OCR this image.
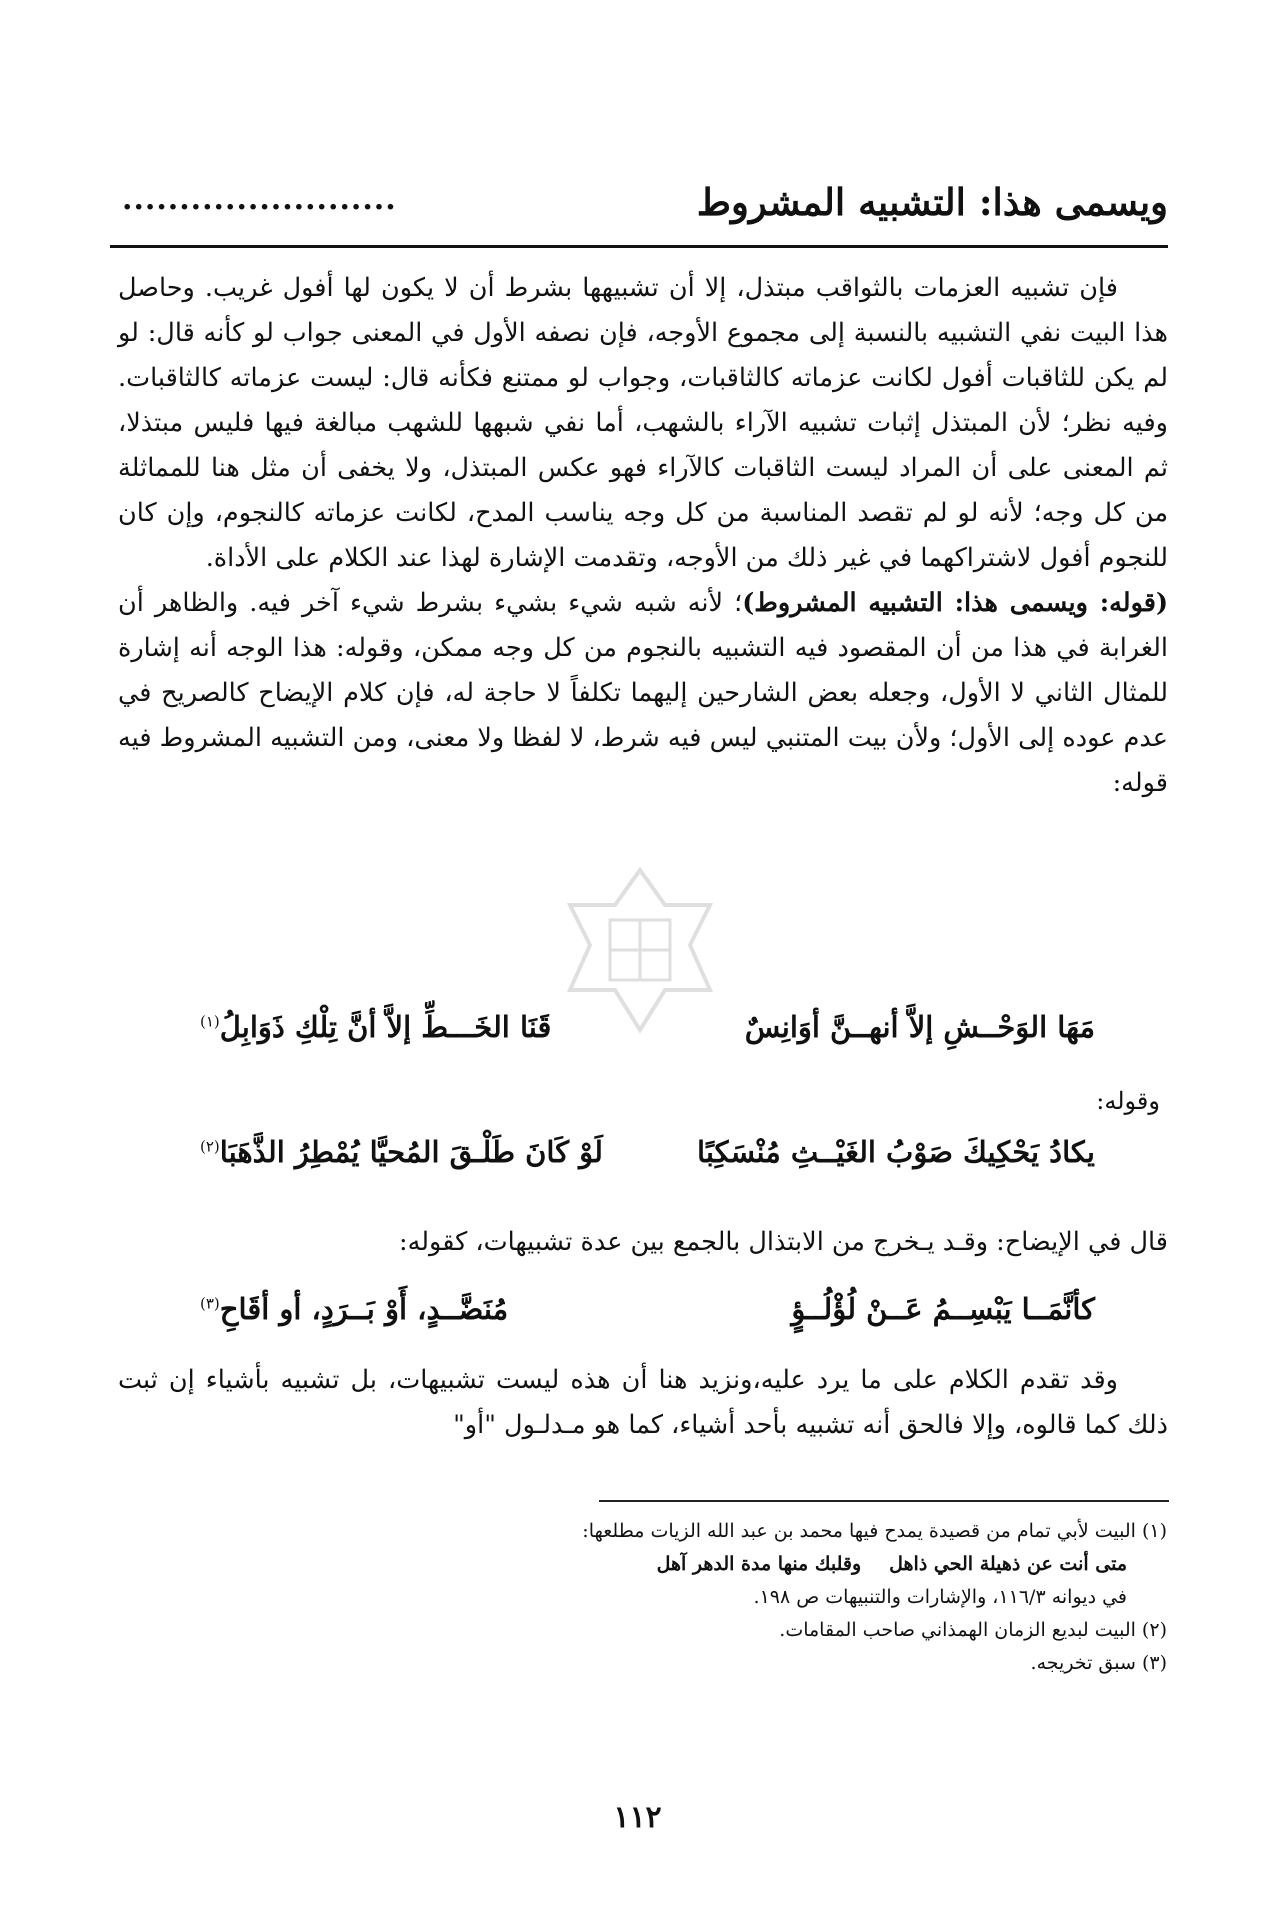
ويسمى هذا: التشبيه المشروط
........................

فإن تشبيه العزمات بالثواقب مبتذل، إلا أن تشبيهها بشرط أن لا يكون لها أفول غريب. وحاصل هذا البيت نفي التشبيه بالنسبة إلى مجموع الأوجه، فإن نصفه الأول في المعنى جواب لو كأنه قال: لو لم يكن للثاقبات أفول لكانت عزماته كالثاقبات، وجواب لو ممتنع فكأنه قال: ليست عزماته كالثاقبات. وفيه نظر؛ لأن المبتذل إثبات تشبيه الآراء بالشهب، أما نفي شبهها للشهب مبالغة فيها فليس مبتذلا، ثم المعنى على أن المراد ليست الثاقبات كالآراء فهو عكس المبتذل، ولا يخفى أن مثل هنا للمماثلة من كل وجه؛ لأنه لو لم تقصد المناسبة من كل وجه يناسب المدح، لكانت عزماته كالنجوم، وإن كان للنجوم أفول لاشتراكهما في غير ذلك من الأوجه، وتقدمت الإشارة لهذا عند الكلام على الأداة.

(قوله: ويسمى هذا: التشبيه المشروط)؛ لأنه شبه شيء بشيء بشرط شيء آخر فيه. والظاهر أن الغرابة في هذا من أن المقصود فيه التشبيه بالنجوم من كل وجه ممكن، وقوله: هذا الوجه أنه إشارة للمثال الثاني لا الأول، وجعله بعض الشارحين إليهما تكلفاً لا حاجة له، فإن كلام الإيضاح كالصريح في عدم عوده إلى الأول؛ ولأن بيت المتنبي ليس فيه شرط، لا لفظا ولا معنى، ومن التشبيه المشروط فيه قوله:

مَهَا الوَحْــشِ إلاَّ أنهــنَّ أوَانِسٌ
قَنَا الخَـــطِّ إلاَّ أنَّ تِلْكِ ذَوَابِلُ$^{(١)}$
وقوله:
يكادُ يَحْكِيكَ صَوْبُ الغَيْــثِ مُنْسَكِبًا
لَوْ كَانَ طَلْـقَ المُحيَّا يُمْطِرُ الذَّهَبَا$^{(٢)}$
قال في الإيضاح: وقـد يـخرج من الابتذال بالجمع بين عدة تشبيهات، كقوله:
كأنَّمَــا يَبْسِــمُ عَــنْ لُؤْلُــؤٍ
مُنَضَّــدٍ، أَوْ بَــرَدٍ، أو أقَاحِ$^{(٣)}$
وقد تقدم الكلام على ما يرد عليه،ونزيد هنا أن هذه ليست تشبيهات، بل تشبيه بأشياء إن ثبت ذلك كما قالوه، وإلا فالحق أنه تشبيه بأحد أشياء، كما هو مـدلـول "أو"
(١) البيت لأبي تمام من قصيدة يمدح فيها محمد بن عبد الله الزيات مطلعها:
متى أنت عن ذهيلة الحي ذاهلوقلبك منها مدة الدهر آهل
في ديوانه ١١٦/٣، والإشارات والتنبيهات ص ١٩٨.
(٢) البيت لبديع الزمان الهمذاني صاحب المقامات.
(٣) سبق تخريجه.
١١٢
